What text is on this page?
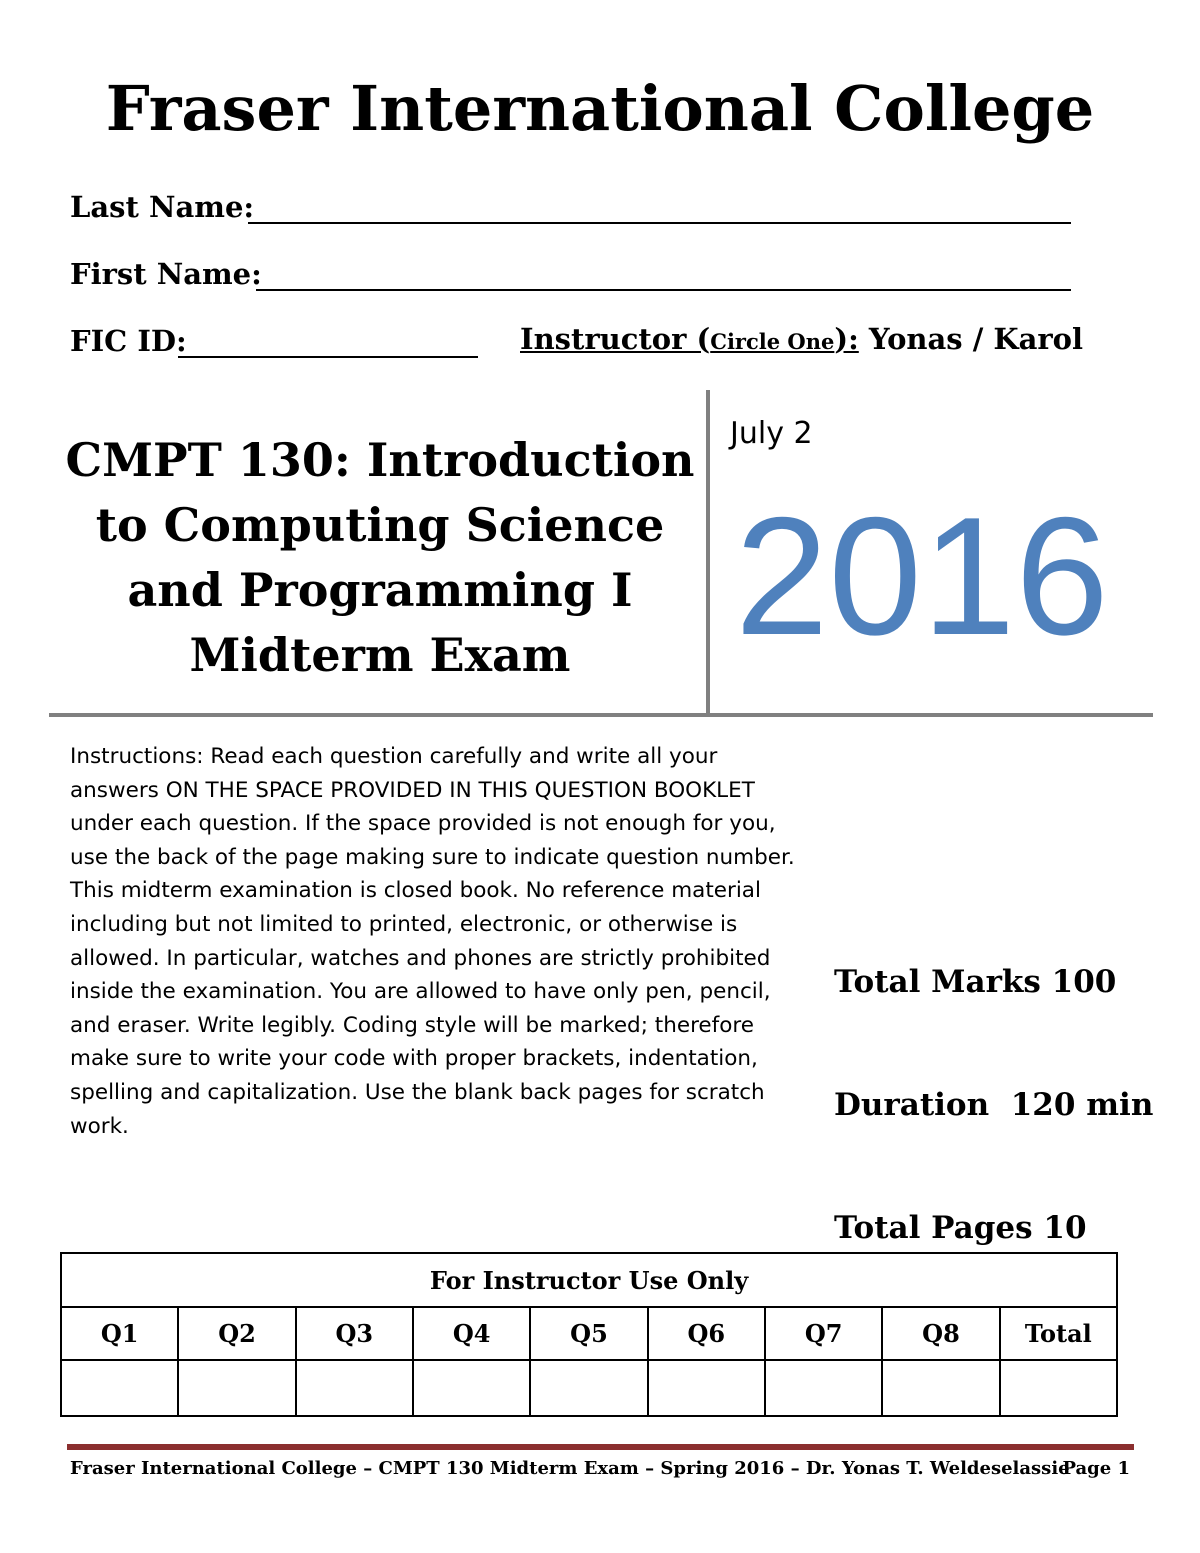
Fraser International College
Last Name:
First Name:
FIC ID:	Instructor (Circle One): Yonas / Karol
CMPT 130: Introduction
to Computing Science
and Programming I
Midterm Exam
July 2
2016
Instructions: Read each question carefully and write all your answers ON THE SPACE PROVIDED IN THIS QUESTION BOOKLET under each question. If the space provided is not enough for you, use the back of the page making sure to indicate question number. This midterm examination is closed book. No reference material including but not limited to printed, electronic, or otherwise is allowed. In particular, watches and phones are strictly prohibited inside the examination. You are allowed to have only pen, pencil, and eraser. Write legibly. Coding style will be marked; therefore make sure to write your code with proper brackets, indentation, spelling and capitalization. Use the blank back pages for scratch work.

Total Marks 100

Duration  120 min

Total Pages 10

For Instructor Use Only								
Q1	Q2	Q3	Q4	Q5	Q6	Q7	Q8	Total

Fraser International College – CMPT 130 Midterm Exam – Spring 2016 – Dr. Yonas T. Weldeselassie
Page 1
